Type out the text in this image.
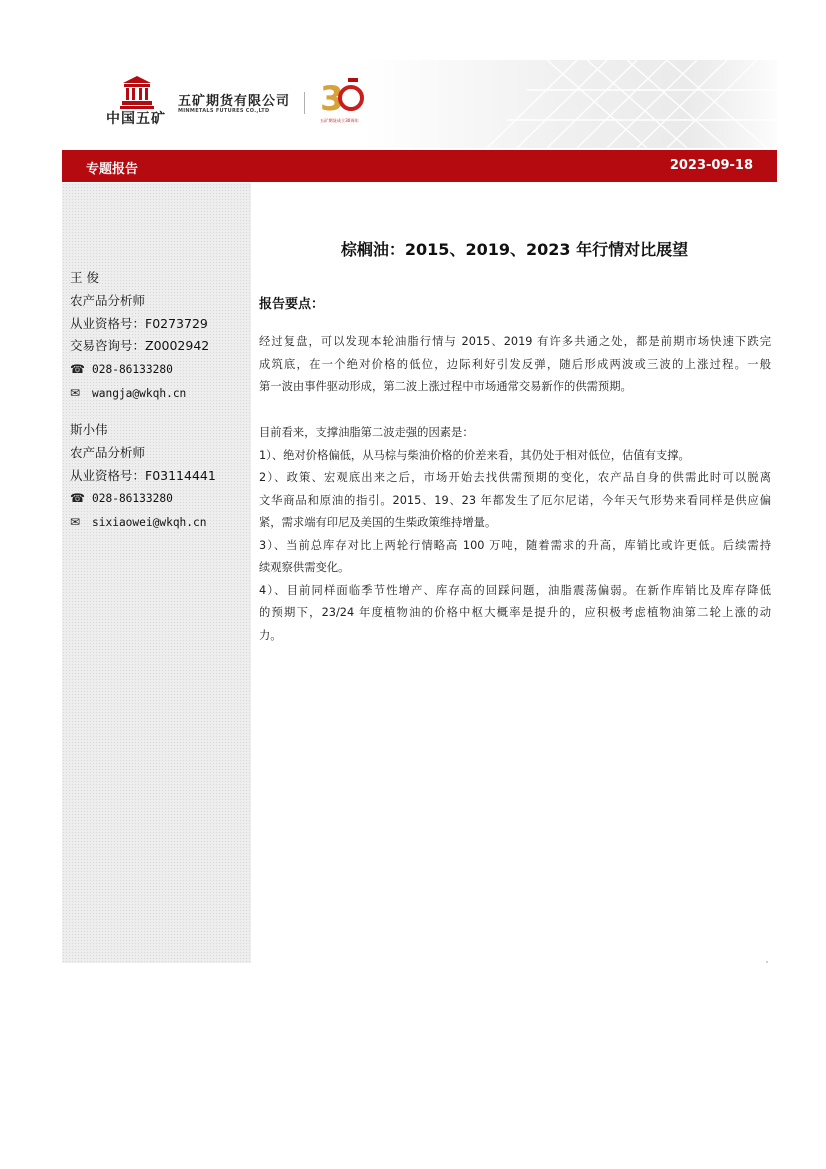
中国五矿
五矿期货有限公司
MINMETALS FUTURES CO.,LTD 3
五矿期货成立30周年
专题报告	2023-09-18
王 俊
农产品分析师
从业资格号：F0273729
交易咨询号：Z0002942
☎ 028-86133280
✉ wangja@wkqh.cn
斯小伟
农产品分析师
从业资格号：F03114441
☎ 028-86133280
✉ sixiaowei@wkqh.cn
棕榈油：2015、2019、2023 年行情对比展望
报告要点：
经过复盘，可以发现本轮油脂行情与 2015、2019 有许多共通之处，都是前期市场快速下跌完
成筑底，在一个绝对价格的低位，边际利好引发反弹，随后形成两波或三波的上涨过程。一般
第一波由事件驱动形成，第二波上涨过程中市场通常交易新作的供需预期。
目前看来，支撑油脂第二波走强的因素是：
1）、绝对价格偏低，从马棕与柴油价格的价差来看，其仍处于相对低位，估值有支撑。
2）、政策、宏观底出来之后，市场开始去找供需预期的变化，农产品自身的供需此时可以脱离
文华商品和原油的指引。2015、19、23 年都发生了厄尔尼诺，今年天气形势来看同样是供应偏
紧，需求端有印尼及美国的生柴政策维持增量。
3）、当前总库存对比上两轮行情略高 100 万吨，随着需求的升高，库销比或许更低。后续需持
续观察供需变化。
4）、目前同样面临季节性增产、库存高的回踩问题，油脂震荡偏弱。在新作库销比及库存降低
的预期下，23/24 年度植物油的价格中枢大概率是提升的，应积极考虑植物油第二轮上涨的动
力。
